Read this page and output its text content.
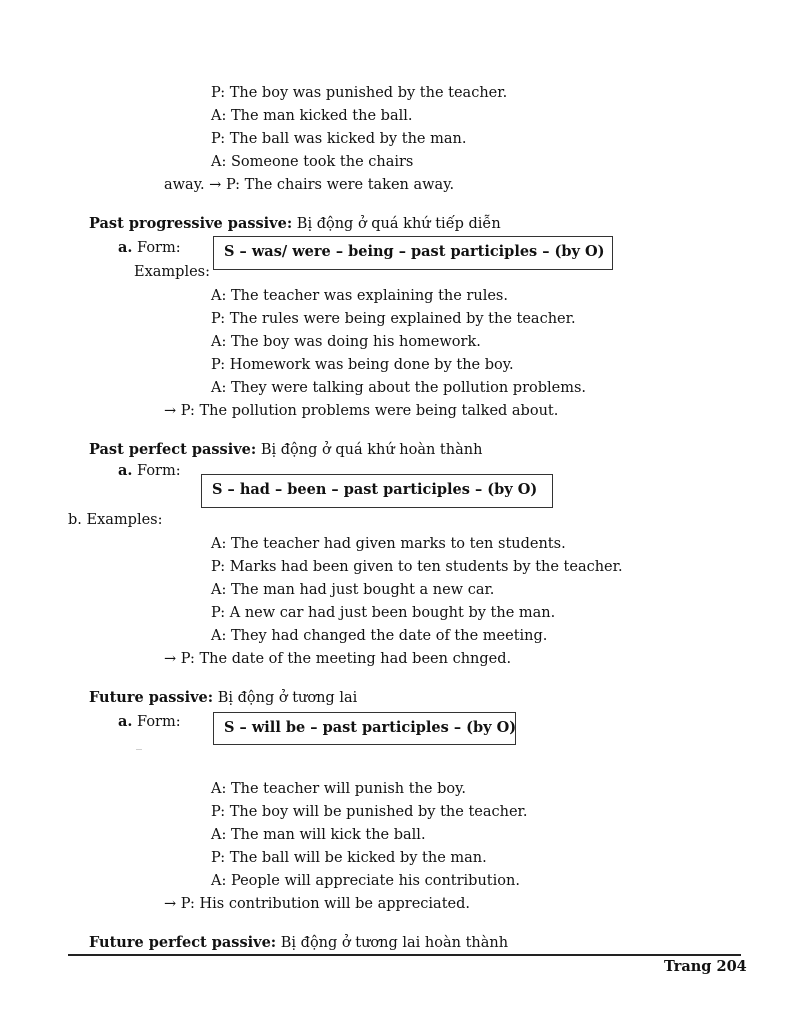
P: The boy was punished by the teacher.
A: The man kicked the ball.
P: The ball was kicked by the man.
A: Someone took the chairs
away. → P: The chairs were taken away.
Past progressive passive: Bị động ở quá khứ tiếp diễn
a. Form:	S – was/ were – being – past participles – (by O)
Examples:
A: The teacher was explaining the rules.
P: The rules were being explained by the teacher.
A: The boy was doing his homework.
P: Homework was being done by the boy.
A: They were talking about the pollution problems.
→ P: The pollution problems were being talked about.
Past perfect passive: Bị động ở quá khứ hoàn thành
a. Form:
S – had – been – past participles – (by O)
b. Examples:
A: The teacher had given marks to ten students.
P: Marks had been given to ten students by the teacher.
A: The man had just bought a new car.
P: A new car had just been bought by the man.
A: They had changed the date of the meeting.
→ P: The date of the meeting had been chnged.
Future passive: Bị động ở tương lai
a. Form:	S – will be – past participles – (by O)
A: The teacher will punish the boy.
P: The boy will be punished by the teacher.
A: The man will kick the ball.
P: The ball will be kicked by the man.
A: People will appreciate his contribution.
→ P: His contribution will be appreciated.
Future perfect passive: Bị động ở tương lai hoàn thành
Trang 204
